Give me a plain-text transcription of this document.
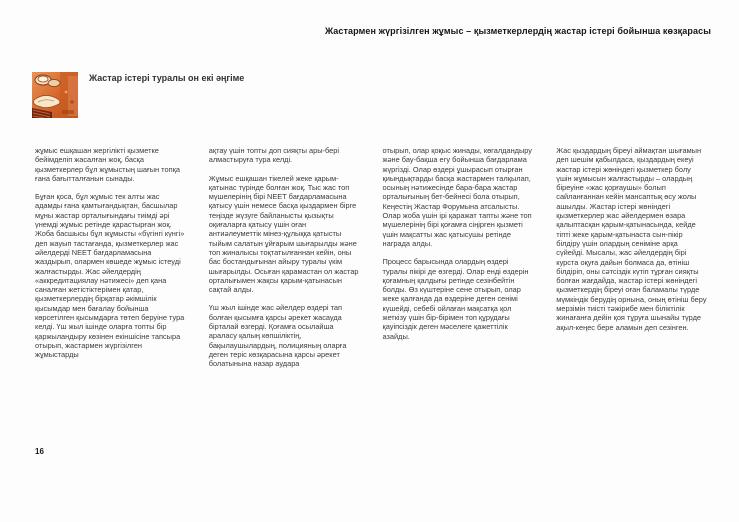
Жастармен жүргізілген жұмыс – қызметкерлердің жастар істері бойынша көзқарасы
Жастар істері туралы он екі әңгіме

жұмыс ешқашан жергілікті қызметке бейімделіп жасалған жоқ, басқа қызметкерлер бұл жұмыстың шағын топқа ғана бағытталғанын сынады.

Бұған қоса, бұл жұмыс тек алты жас адамды ғана қамтығандықтан, басшылар мұны жастар орталығындағы тиімді әрі үнемді жұмыс ретінде қарастырған жоқ. Жоба басшысы бұл жұмысты «бүгінгі күнгі» деп жауып тастағанда, қызметкерлер жас әйелдерді NEET бағдарламасына жаздырып, олармен көшеде жұмыс істеуді жалғастырды. Жас әйелдердің «аккредитациялау нәтижесі» деп қана саналған жетістіктерімен қатар, қызметкерлердің бірқатар әкімшілік қысымдар мен бағалау бойынша көрсетілген қысымдарға төтеп беруіне тура келді. Үш жыл ішінде оларға топты бір қаржыландыру көзінен екіншісіне тапсыра отырып, жастармен жүргізілген жұмыстарды

ақтау үшін топты доп сияқты ары-бері алмастыруға тура келді.

Жұмыс ешқашан тікелей жеке қарым-қатынас түрінде болған жоқ. Тыс жас топ мүшелерінің бірі NEET бағдарламасына қатысу үшін немесе басқа қыздармен бірге теңізде жүзуге байланысты қызықты оқиғаларға қатысу үшін оған антиәлеуметтік мінез-құлыққа қатысты тыйым салатын ұйғарым шығарылды және топ жиналысы тоқтатылғаннан кейін, оны бас бостандығынан айыру туралы үкім шығарылды. Осыған қарамастан ол жастар орталығымен жақсы қарым-қатынасын сақтай алды.

Үш жыл ішінде жас әйелдер өздері тап болған қысымға қарсы әрекет жасауда бірталай өзгерді. Қоғамға осылайша араласу қалың көпшіліктің, бақылаушылардың, полицияның оларға деген теріс көзқарасына қарсы әрекет болатынына назар аудара

отырып, олар қоқыс жинады, көгалдандыру және бау-бақша егу бойынша бағдарлама жүргізді. Олар өздері ұшырасып отырған қиындықтарды басқа жастармен талқылап, осының нәтижесінде бара-бара жастар орталығының бет-бейнесі бола отырып, Кеңестің Жастар Форумына атсалысты. Олар жоба үшін ірі қаражат тапты және топ мүшелерінің бірі қоғамға сіңірген қызметі үшін мақсатты жас қатысушы ретінде награда алды.

Процесс барысында олардың өздері туралы пікірі де өзгерді. Олар енді өздерін қоғамның қалдығы ретінде сезінбейтін болды. Өз күштеріне сене отырып, олар жеке қалғанда да өздеріне деген сенімі күшейді, себебі ойлаған мақсатқа қол жеткізу үшін бір-бірімен топ құрудағы қауіпсіздік деген мәселеге қажеттілік азайды.

Жас қыздардың біреуі аймақтан шығамын деп шешім қабылдаса, қыздардың екеуі жастар істері жөніндегі қызметкер болу үшін жұмысын жалғастырды – олардың біреуіне «жас қорғаушы» болып сайланғаннан кейін мансаптық өсу жолы ашылды. Жастар істері жөніндегі қызметкерлер жас әйелдермен өзара қалыптасқан қарым-қатынасында, кейде тіпті жеке қарым-қатынаста сын-пікір білдіру үшін олардың сеніміне арқа сүйейді. Мысалы, жас әйелдердің бірі курста оқуға дайын болмаса да, өтініш білдіріп, оны сәтсіздік күтіп тұрған сияқты болған жағдайда, жастар істері жөніндегі қызметкердің біреуі оған баламалы түрде мүмкіндік берудің орнына, оның өтініш беру мерзімін тиісті тәжірибе мен біліктілік жинағанға дейін қоя тұруға шынайы түрде ақыл-кеңес бере аламын деп сезінген.

16
